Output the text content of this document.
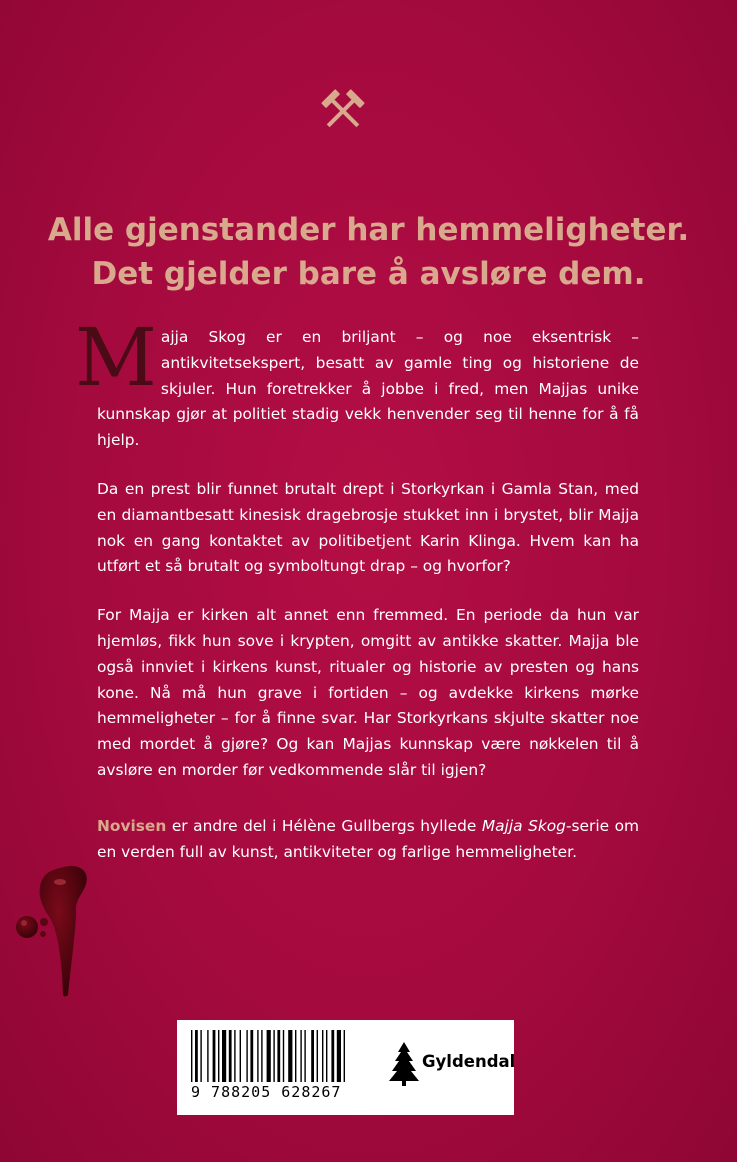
Alle gjenstander har hemmeligheter.
Det gjelder bare å avsløre dem.

Majja Skog er en briljant – og noe eksentrisk – antikvitetsekspert, besatt av gamle ting og historiene de skjuler. Hun foretrekker å jobbe i fred, men Majjas unike kunnskap gjør at politiet stadig vekk henvender seg til henne for å få hjelp.

Da en prest blir funnet brutalt drept i Storkyrkan i Gamla Stan, med en diamantbesatt kinesisk dragebrosje stukket inn i brystet, blir Majja nok en gang kontaktet av politibetjent Karin Klinga. Hvem kan ha utført et så brutalt og symboltungt drap – og hvorfor?

For Majja er kirken alt annet enn fremmed. En periode da hun var hjemløs, fikk hun sove i krypten, omgitt av antikke skatter. Majja ble også innviet i kirkens kunst, ritualer og historie av presten og hans kone. Nå må hun grave i fortiden – og avdekke kirkens mørke hemmeligheter – for å finne svar. Har Storkyrkans skjulte skatter noe med mordet å gjøre? Og kan Majjas kunnskap være nøkkelen til å avsløre en morder før vedkommende slår til igjen?

Novisen er andre del i Hélène Gullbergs hyllede Majja Skog-serie om en verden full av kunst, antikviteter og farlige hemmeligheter.

9 788205 628267
Gyldendal
